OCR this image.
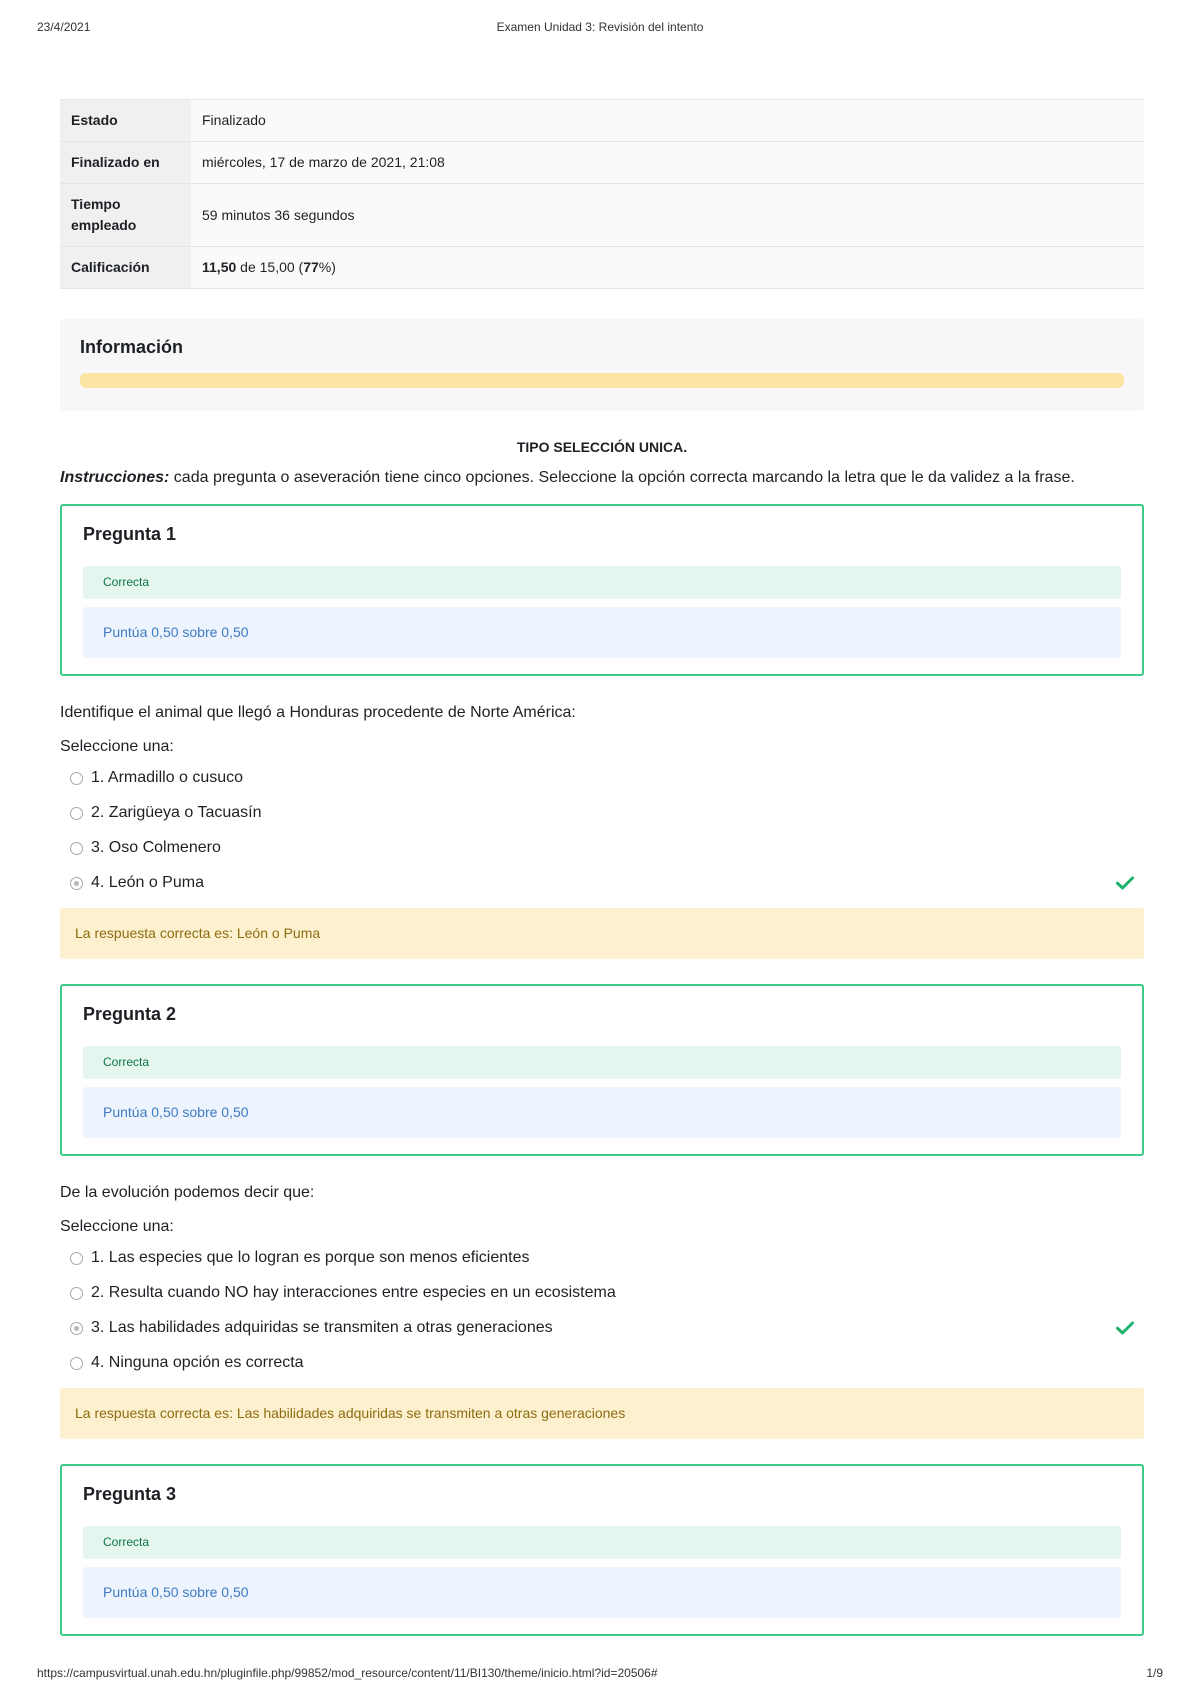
23/4/2021	Examen Unidad 3: Revisión del intento
Estado	Finalizado
Finalizado en	miércoles, 17 de marzo de 2021, 21:08
Tiempo empleado	59 minutos 36 segundos
Calificación	11,50 de 15,00 (77%)
Información
TIPO SELECCIÓN UNICA.
Instrucciones: cada pregunta o aseveración tiene cinco opciones. Seleccione la opción correcta marcando la letra que le da validez a la frase.
Pregunta 1
Correcta
Puntúa 0,50 sobre 0,50
Identifique el animal que llegó a Honduras procedente de Norte América:
Seleccione una:
1. Armadillo o cusuco
2. Zarigüeya o Tacuasín
3. Oso Colmenero
4. León o Puma
La respuesta correcta es: León o Puma
Pregunta 2
Correcta
Puntúa 0,50 sobre 0,50
De la evolución podemos decir que:
Seleccione una:
1. Las especies que lo logran es porque son menos eficientes
2. Resulta cuando NO hay interacciones entre especies en un ecosistema
3. Las habilidades adquiridas se transmiten a otras generaciones
4. Ninguna opción es correcta
La respuesta correcta es: Las habilidades adquiridas se transmiten a otras generaciones
Pregunta 3
Correcta
Puntúa 0,50 sobre 0,50
https://campusvirtual.unah.edu.hn/pluginfile.php/99852/mod_resource/content/11/BI130/theme/inicio.html?id=20506#	1/9
